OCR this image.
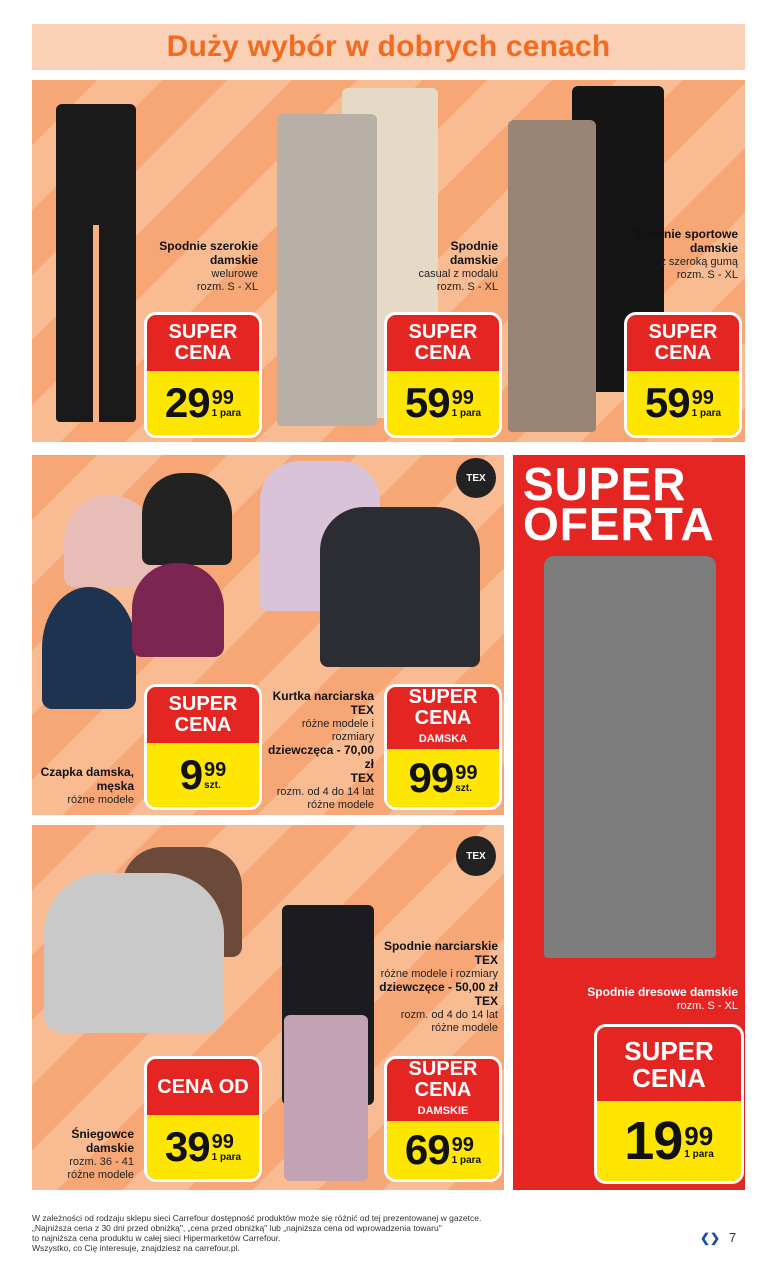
Duży wybór w dobrych cenach
Spodnie szerokie damskie
welurowe
rozm. S - XL
Spodnie damskie
casual z modalu
rozm. S - XL
Spodnie sportowe damskie
z szeroką gumą
rozm. S - XL
SUPER
CENA
29 99
1 para
SUPER
CENA
59 99
1 para
SUPER
CENA
59 99
1 para
TEX
Czapka damska, męska
różne modele
Kurtka narciarska
TEX
różne modele i rozmiary
dziewczęca - 70,00 zł
TEX
rozm. od 4 do 14 lat
różne modele
SUPER
CENA
9 99
szt.
SUPER
CENA
DAMSKA
99 99
szt.
TEX
Śniegowce damskie
rozm. 36 - 41
różne modele
Spodnie narciarskie
TEX
różne modele i rozmiary
dziewczęce - 50,00 zł
TEX
rozm. od 4 do 14 lat
różne modele
CENA OD
39 99
1 para
SUPER
CENA
DAMSKIE
69 99
1 para
SUPER
OFERTA
Spodnie dresowe damskie
rozm. S - XL
SUPER
CENA
19 99
1 para
W zależności od rodzaju sklepu sieci Carrefour dostępność produktów może się różnić od tej prezentowanej w gazetce.
„Najniższa cena z 30 dni przed obniżką", „cena przed obniżką" lub „najniższa cena od wprowadzenia towaru"
to najniższa cena produktu w całej sieci Hipermarketów Carrefour.
Wszystko, co Cię interesuje, znajdziesz na carrefour.pl.
❮❯ 7
